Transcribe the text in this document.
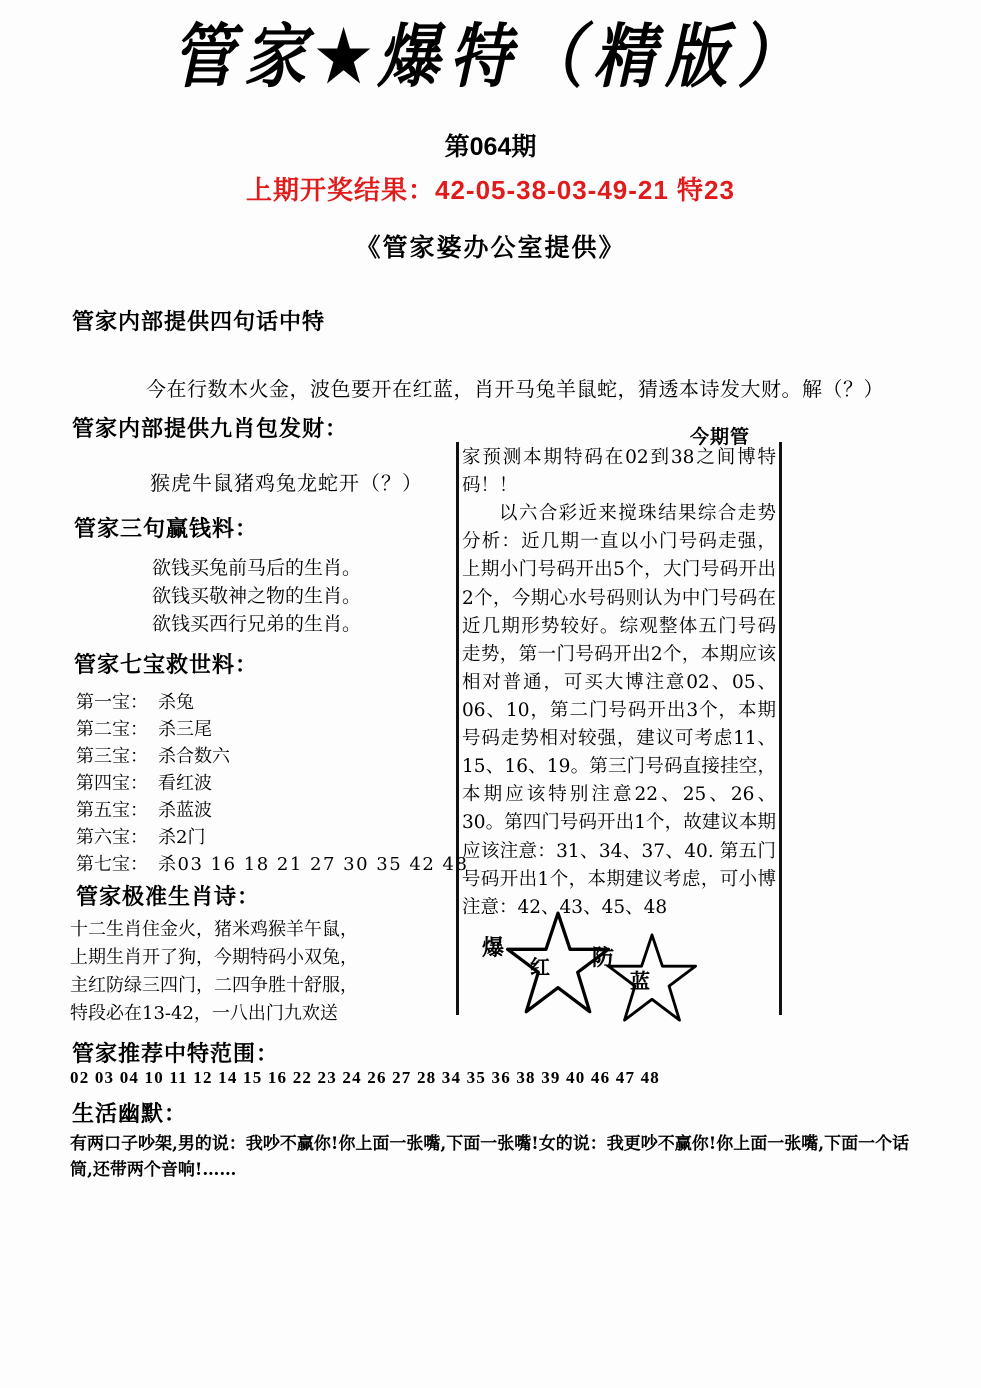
管家★爆特（精版）
第064期
上期开奖结果：42-05-38-03-49-21 特23
《管家婆办公室提供》
管家内部提供四句话中特
今在行数木火金，波色要开在红蓝，肖开马兔羊鼠蛇，猜透本诗发大财。解（？）
管家内部提供九肖包发财：
猴虎牛鼠猪鸡兔龙蛇开（？）
管家三句赢钱料：
欲钱买兔前马后的生肖。
欲钱买敬神之物的生肖。
欲钱买西行兄弟的生肖。
管家七宝救世料：
第一宝： 杀兔
第二宝： 杀三尾
第三宝： 杀合数六
第四宝： 看红波
第五宝： 杀蓝波
第六宝： 杀2门
第七宝： 杀03 16 18 21 27 30 35 42 48
管家极准生肖诗：
十二生肖住金火，猪米鸡猴羊午鼠，
上期生肖开了狗，今期特码小双兔，
主红防绿三四门，二四争胜十舒服，
特段必在13-42，一八出门九欢送
管家推荐中特范围：
02 03 04 10 11 12 14 15 16 22 23 24 26 27 28 34 35 36 38 39 40 46 47 48
生活幽默：
有两口子吵架,男的说：我吵不赢你!你上面一张嘴,下面一张嘴!女的说：我更吵不赢你!你上面一张嘴,下面一个话筒,还带两个音响!……
今期管

家预测本期特码在02到38之间博特码！！

以六合彩近来搅珠结果综合走势分析：近几期一直以小门号码走强，上期小门号码开出5个，大门号码开出2个，今期心水号码则认为中门号码在近几期形势较好。综观整体五门号码走势，第一门号码开出2个，本期应该相对普通，可买大博注意02、05、06、10，第二门号码开出3个，本期号码走势相对较强，建议可考虑11、15、16、19。第三门号码直接挂空，本期应该特别注意22、25、26、30。第四门号码开出1个，故建议本期应该注意：31、34、37、40. 第五门号码开出1个，本期建议考虑，可小博注意：42、43、45、48

爆
红 防
蓝
